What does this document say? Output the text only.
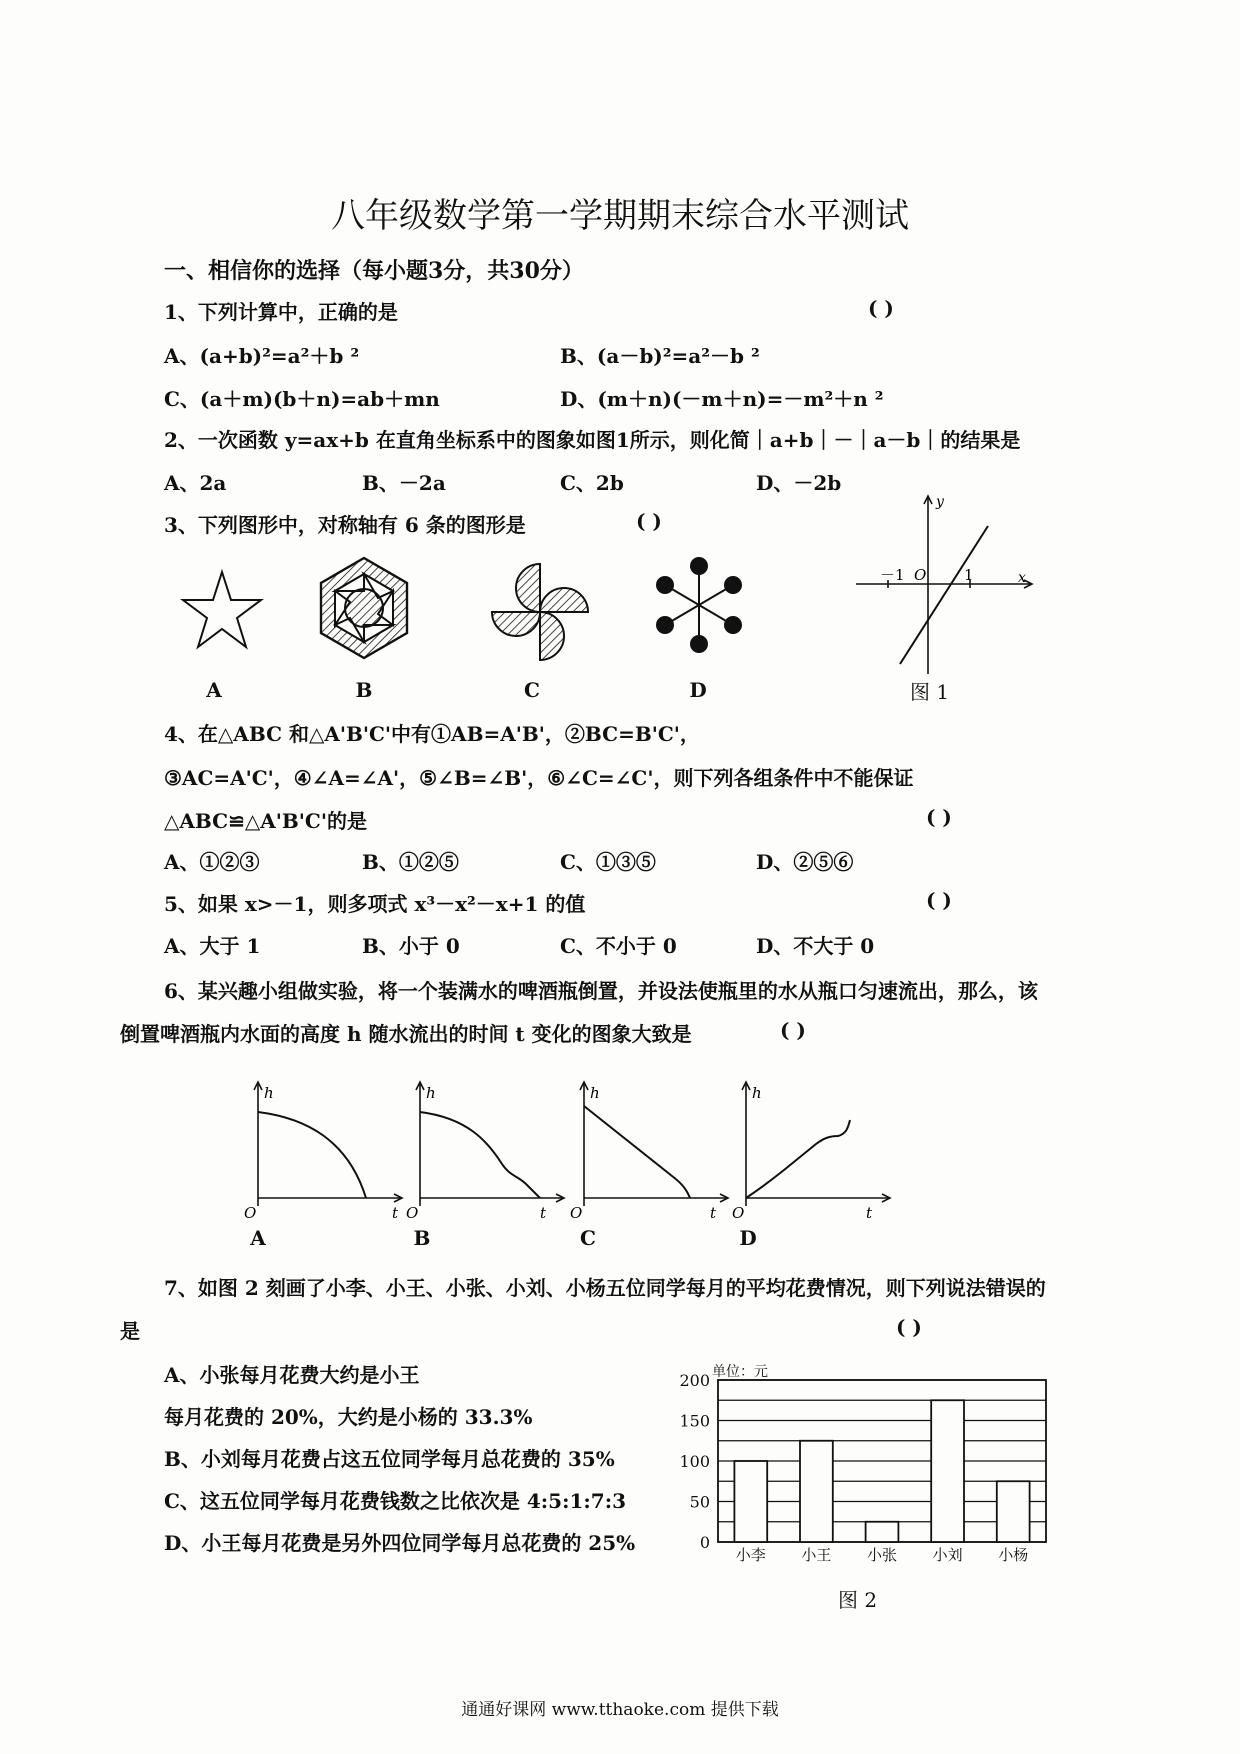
八年级数学第一学期期末综合水平测试
一、相信你的选择（每小题3分，共30分）
1、下列计算中，正确的是	( )
A、(a+b)²=a²＋b ²	B、(a－b)²=a²－b ²
C、(a＋m)(b＋n)=ab＋mn	D、(m＋n)(－m＋n)=－m²＋n ²
2、一次函数 y=ax+b 在直角坐标系中的图象如图1所示，则化简｜a+b｜－｜a－b｜的结果是
A、2a	B、－2a	C、2b	D、－2b
3、下列图形中，对称轴有 6 条的图形是	( )
A	B	C	D
－1 O	1	x
y
图 1
4、在△ABC 和△A'B'C'中有①AB=A'B'，②BC=B'C'，
③AC=A'C'，④∠A=∠A'，⑤∠B=∠B'，⑥∠C=∠C'，则下列各组条件中不能保证
△ABC≌△A'B'C'的是	( )
A、①②③	B、①②⑤	C、①③⑤	D、②⑤⑥
5、如果 x>－1，则多项式 x³－x²－x+1 的值	( )
A、大于 1	B、小于 0	C、不小于 0	D、不大于 0
6、某兴趣小组做实验，将一个装满水的啤酒瓶倒置，并设法使瓶里的水从瓶口匀速流出，那么，该
倒置啤酒瓶内水面的高度 h 随水流出的时间 t 变化的图象大致是	( )
h
t
O
h
t
O
h
t
O
h
t
O
A	B	C	D
7、如图 2 刻画了小李、小王、小张、小刘、小杨五位同学每月的平均花费情况，则下列说法错误的
是	( )
A、小张每月花费大约是小王
每月花费的 20%，大约是小杨的 33.3%
B、小刘每月花费占这五位同学每月总花费的 35%
C、这五位同学每月花费钱数之比依次是 4:5:1:7:3
D、小王每月花费是另外四位同学每月总花费的 25%	0
50
100
150
200 单位：元
小李 小王 小张 小刘 小杨
图 2
通通好课网 www.tthaoke.com 提供下载
